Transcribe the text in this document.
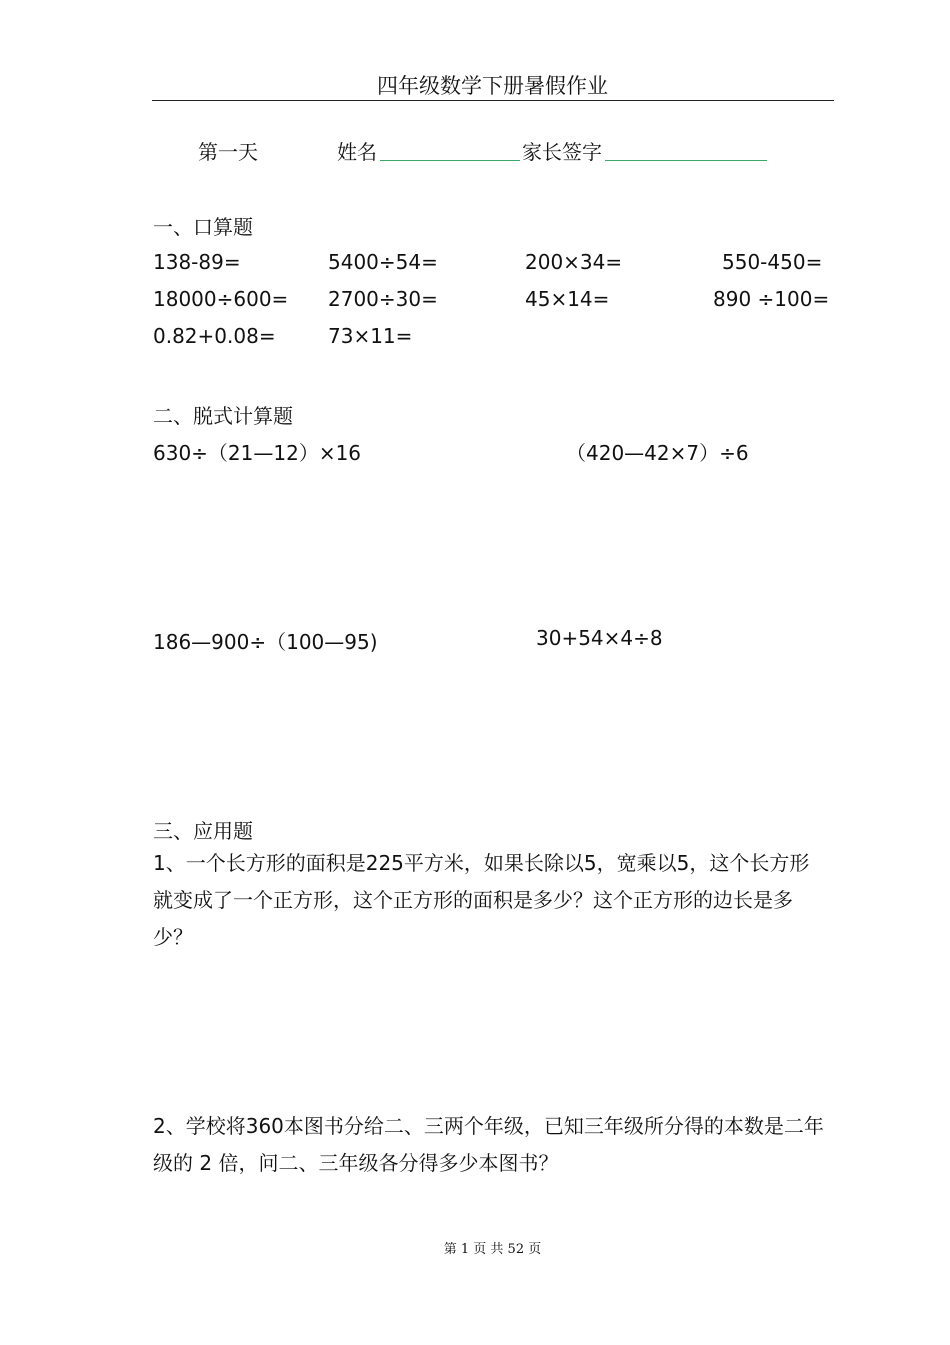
四年级数学下册暑假作业
第一天	姓名	家长签字
一、口算题
138-89=	5400÷54=	200×34=	550-450=
18000÷600= 2700÷30=	45×14=	890 ÷100=
0.82+0.08=	73×11=
二、脱式计算题
630÷（21—12）×16	（420—42×7）÷6
186—900÷（100—95)	30+54×4÷8
三、应用题
1、一个长方形的面积是225平方米，如果长除以5，宽乘以5，这个长方形
就变成了一个正方形，这个正方形的面积是多少？这个正方形的边长是多
少？
2、学校将360本图书分给二、三两个年级，已知三年级所分得的本数是二年
级的 2 倍，问二、三年级各分得多少本图书？
第 1 页 共 52 页
